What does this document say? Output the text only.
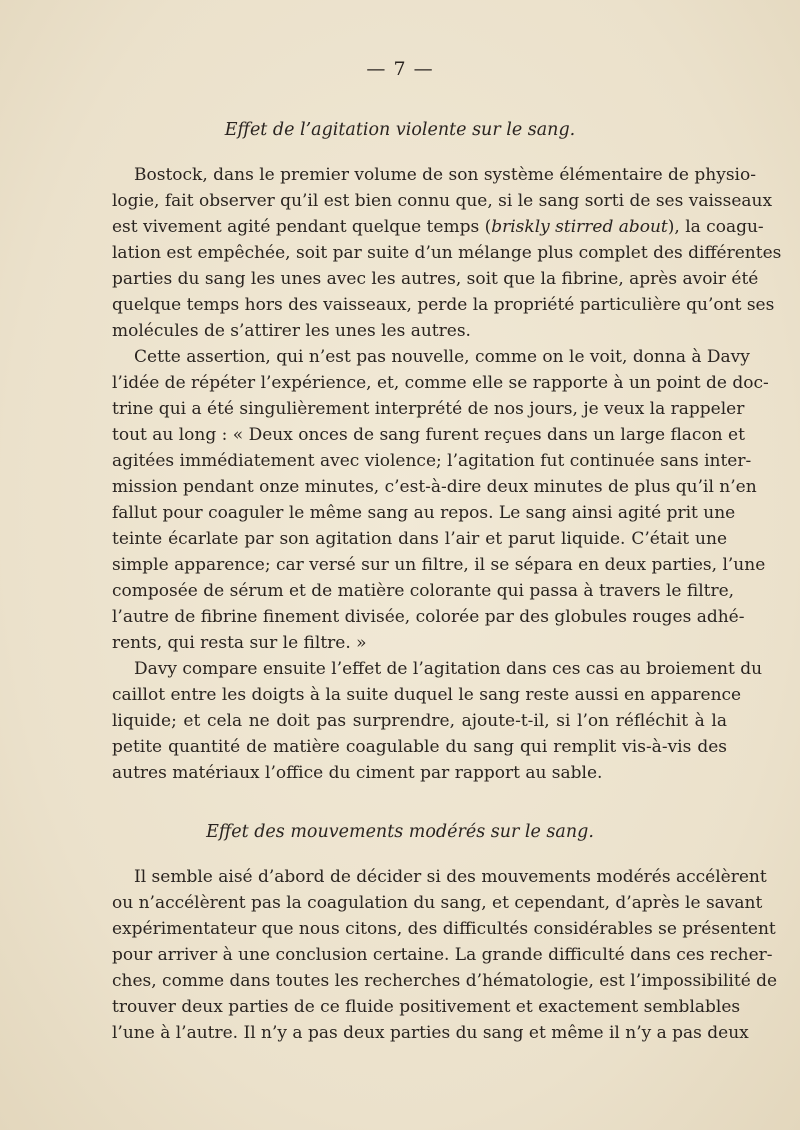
— 7 —
Effet de l’agitation violente sur le sang.
Bostock, dans le premier volume de son système élémentaire de physio-
logie, fait observer qu’il est bien connu que, si le sang sorti de ses vaisseaux
est vivement agité pendant quelque temps (briskly stirred about), la coagu-
lation est empêchée, soit par suite d’un mélange plus complet des différentes
parties du sang les unes avec les autres, soit que la fibrine, après avoir été
quelque temps hors des vaisseaux, perde la propriété particulière qu’ont ses
molécules de s’attirer les unes les autres.
Cette assertion, qui n’est pas nouvelle, comme on le voit, donna à Davy
l’idée de répéter l’expérience, et, comme elle se rapporte à un point de doc-
trine qui a été singulièrement interprété de nos jours, je veux la rappeler
tout au long : « Deux onces de sang furent reçues dans un large flacon et
agitées immédiatement avec violence; l’agitation fut continuée sans inter-
mission pendant onze minutes, c’est-à-dire deux minutes de plus qu’il n’en
fallut pour coaguler le même sang au repos. Le sang ainsi agité prit une
teinte écarlate par son agitation dans l’air et parut liquide. C’était une
simple apparence; car versé sur un filtre, il se sépara en deux parties, l’une
composée de sérum et de matière colorante qui passa à travers le filtre,
l’autre de fibrine finement divisée, colorée par des globules rouges adhé-
rents, qui resta sur le filtre. »
Davy compare ensuite l’effet de l’agitation dans ces cas au broiement du
caillot entre les doigts à la suite duquel le sang reste aussi en apparence
liquide; et cela ne doit pas surprendre, ajoute-t-il, si l’on réfléchit à la
petite quantité de matière coagulable du sang qui remplit vis-à-vis des
autres matériaux l’office du ciment par rapport au sable.
Effet des mouvements modérés sur le sang.
Il semble aisé d’abord de décider si des mouvements modérés accélèrent
ou n’accélèrent pas la coagulation du sang, et cependant, d’après le savant
expérimentateur que nous citons, des difficultés considérables se présentent
pour arriver à une conclusion certaine. La grande difficulté dans ces recher-
ches, comme dans toutes les recherches d’hématologie, est l’impossibilité de
trouver deux parties de ce fluide positivement et exactement semblables
l’une à l’autre. Il n’y a pas deux parties du sang et même il n’y a pas deux
